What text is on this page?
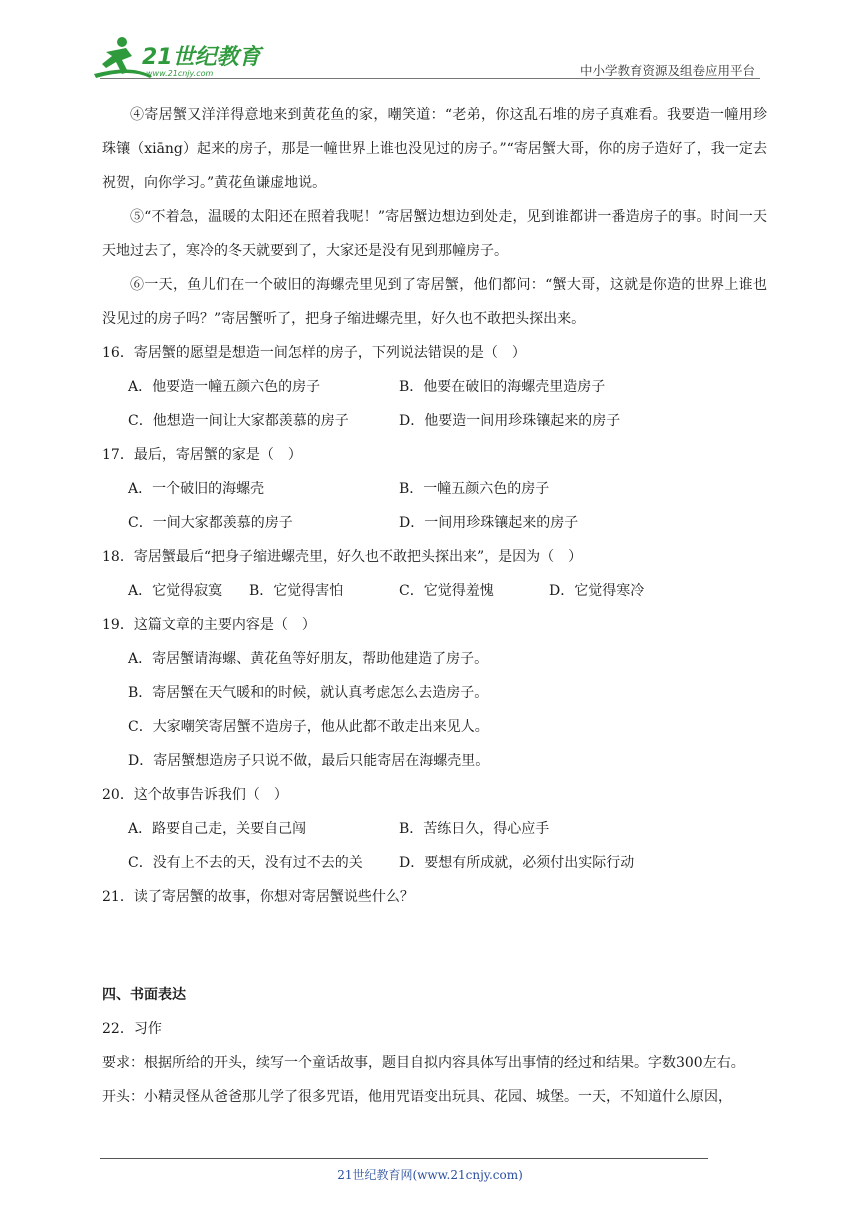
21世纪教育
www.21cnjy.com	中小学教育资源及组卷应用平台

④寄居蟹又洋洋得意地来到黄花鱼的家，嘲笑道：“老弟，你这乱石堆的房子真难看。我要造一幢用珍珠镶（xiāng）起来的房子，那是一幢世界上谁也没见过的房子。”“寄居蟹大哥，你的房子造好了，我一定去祝贺，向你学习。”黄花鱼谦虚地说。

⑤“不着急，温暖的太阳还在照着我呢！”寄居蟹边想边到处走，见到谁都讲一番造房子的事。时间一天天地过去了，寒冷的冬天就要到了，大家还是没有见到那幢房子。

⑥一天，鱼儿们在一个破旧的海螺壳里见到了寄居蟹，他们都问：“蟹大哥，这就是你造的世界上谁也没见过的房子吗？”寄居蟹听了，把身子缩进螺壳里，好久也不敢把头探出来。

16．寄居蟹的愿望是想造一间怎样的房子，下列说法错误的是（　）

A．他要造一幢五颜六色的房子	B．他要在破旧的海螺壳里造房子
C．他想造一间让大家都羡慕的房子	D．他要造一间用珍珠镶起来的房子

17．最后，寄居蟹的家是（　）

A．一个破旧的海螺壳	B．一幢五颜六色的房子
C．一间大家都羡慕的房子	D．一间用珍珠镶起来的房子

18．寄居蟹最后“把身子缩进螺壳里，好久也不敢把头探出来”，是因为（　）

A．它觉得寂寞	B．它觉得害怕	C．它觉得羞愧	D．它觉得寒冷

19．这篇文章的主要内容是（　）

A．寄居蟹请海螺、黄花鱼等好朋友，帮助他建造了房子。

B．寄居蟹在天气暖和的时候，就认真考虑怎么去造房子。

C．大家嘲笑寄居蟹不造房子，他从此都不敢走出来见人。

D．寄居蟹想造房子只说不做，最后只能寄居在海螺壳里。

20．这个故事告诉我们（　）

A．路要自己走，关要自己闯	B．苦练日久，得心应手
C．没有上不去的天，没有过不去的关	D．要想有所成就，必须付出实际行动

21．读了寄居蟹的故事，你想对寄居蟹说些什么？

四、书面表达

22．习作

要求：根据所给的开头，续写一个童话故事，题目自拟内容具体写出事情的经过和结果。字数300左右。

开头：小精灵怪从爸爸那儿学了很多咒语，他用咒语变出玩具、花园、城堡。一天，不知道什么原因，

21世纪教育网(www.21cnjy.com)
